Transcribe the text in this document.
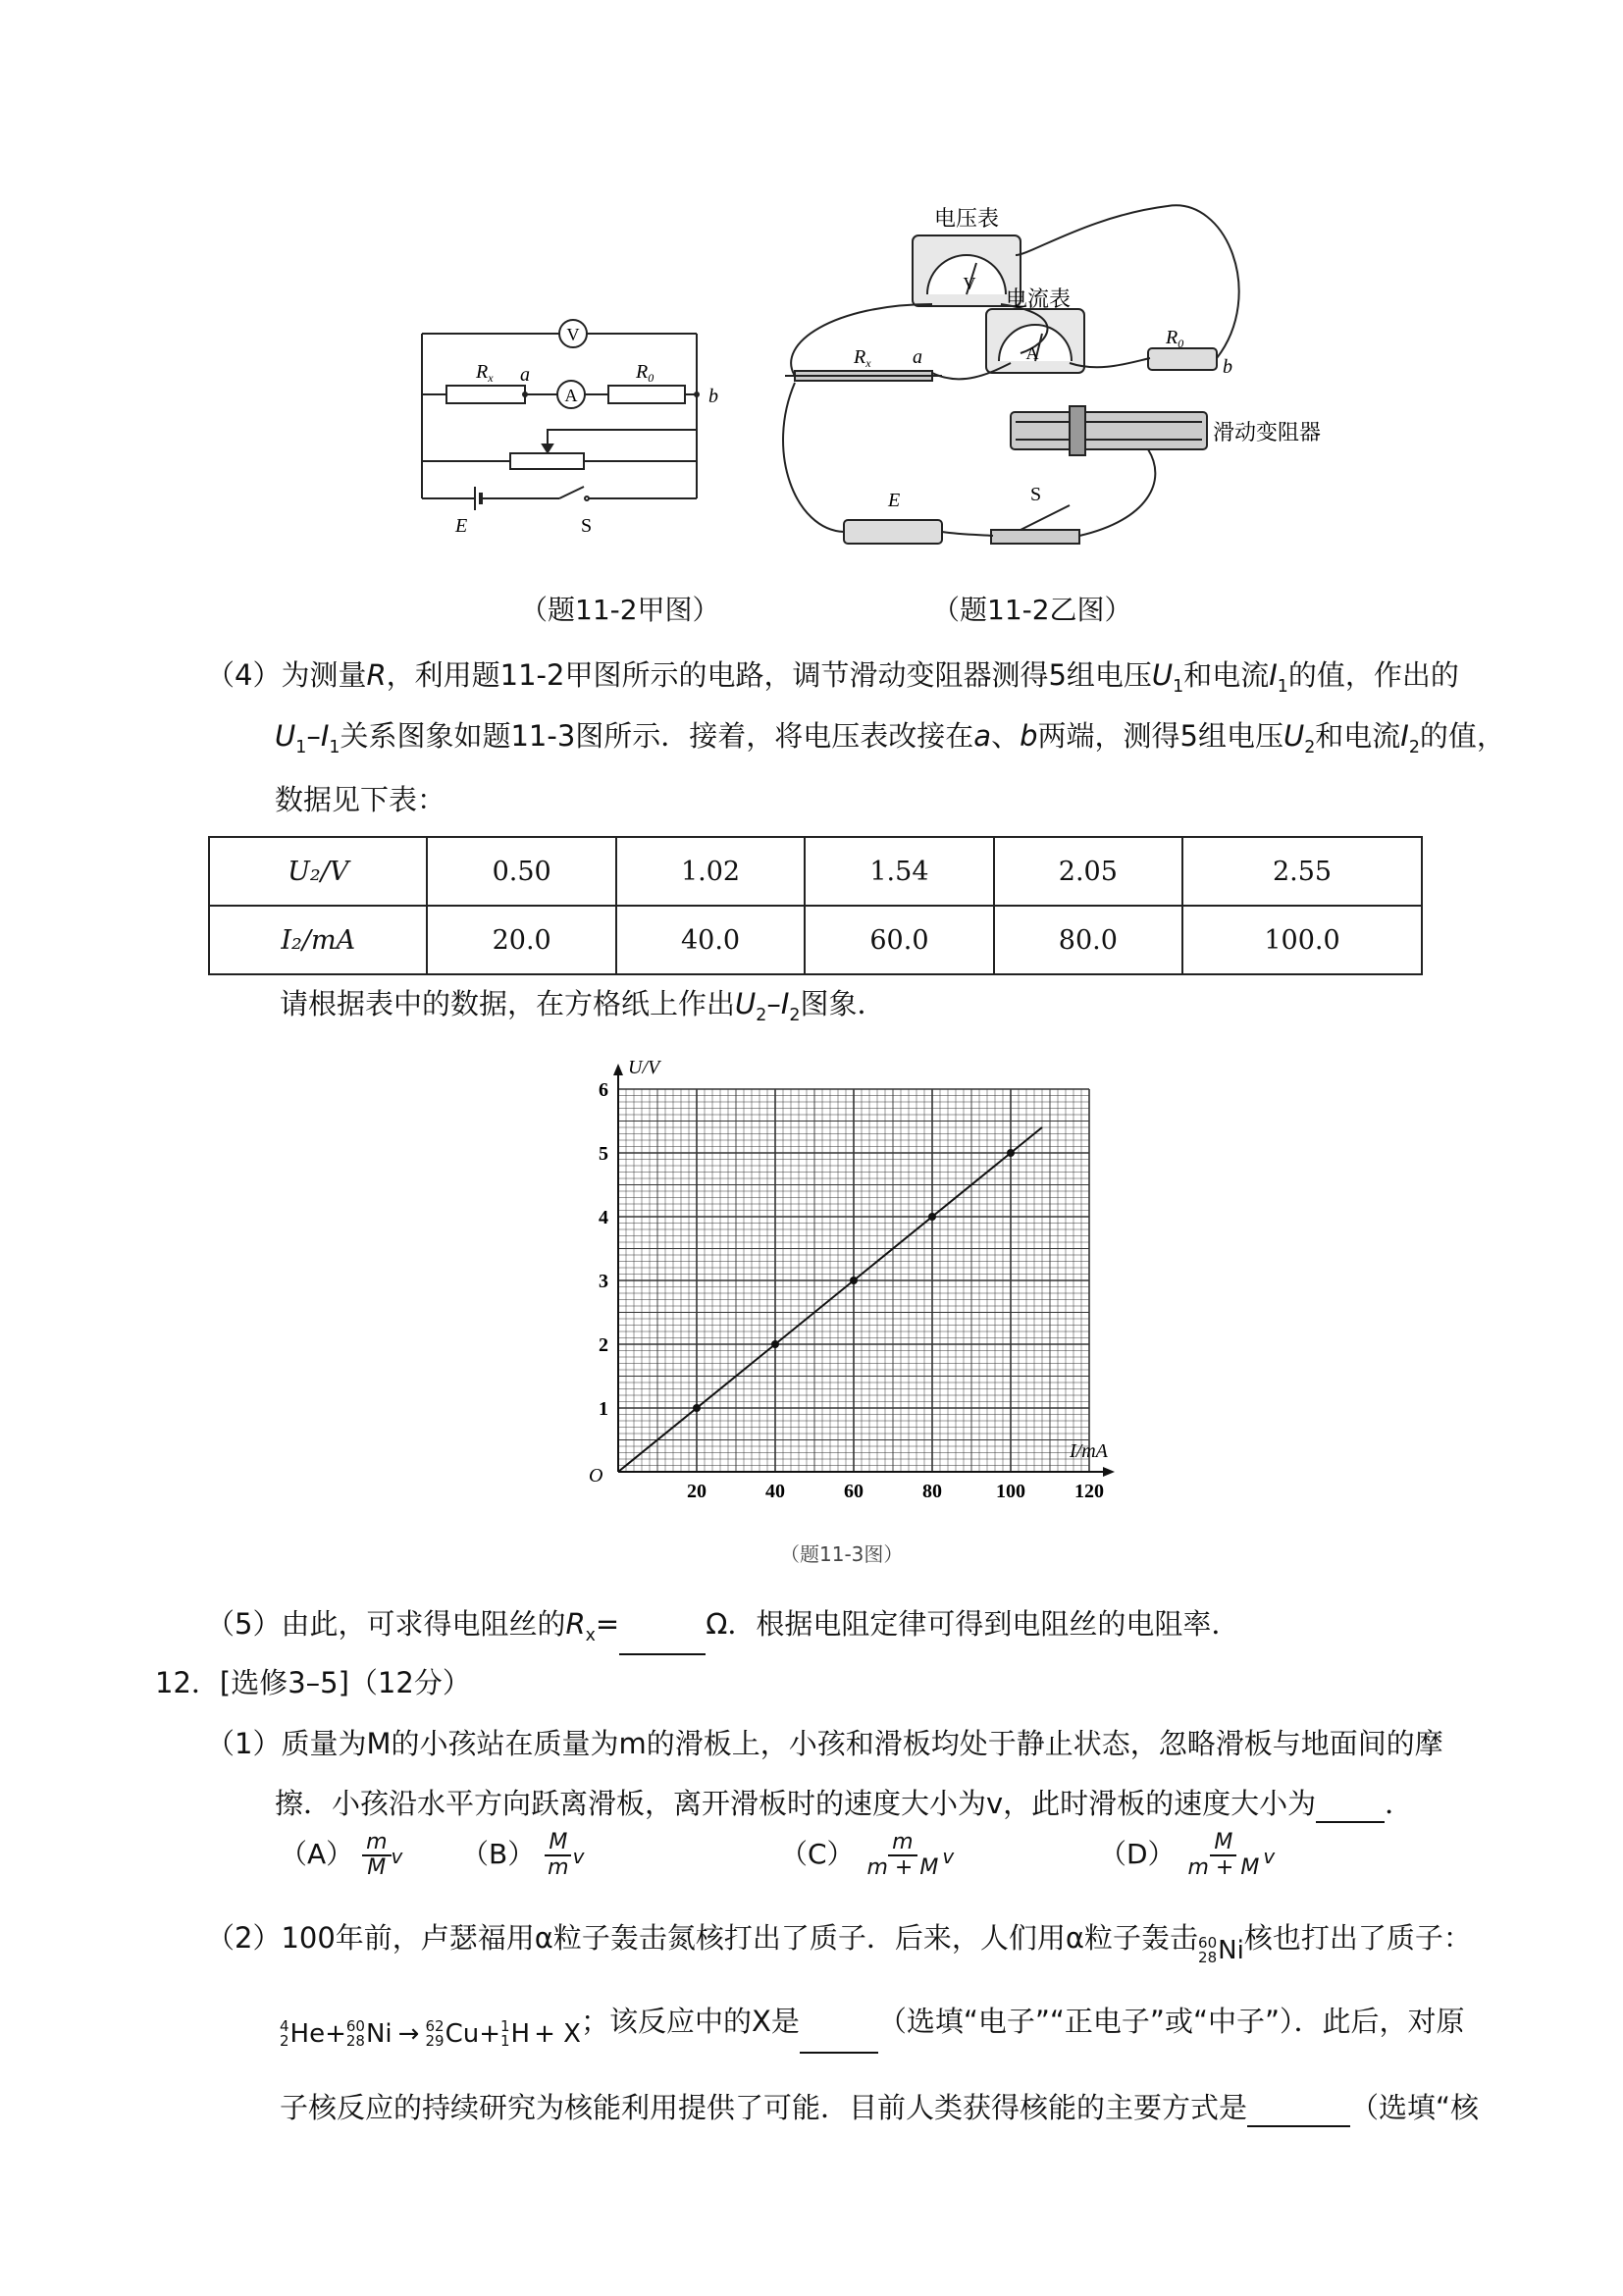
V
A
$R_x$	$R_0$
a
b
E	S
（题11-2甲图）
电压表
电流表
V
A
滑动变阻器
$R_x$ a
$R_0$
b
E	S
（题11-2乙图）
（4）为测量R，利用题11-2甲图所示的电路，调节滑动变阻器测得5组电压$U_1$和电流$I_1$的值，作出的
$U_1-I_1$关系图象如题11-3图所示．接着，将电压表改接在a、b两端，测得5组电压$U_2$和电流$I_2$的值，
数据见下表：
U₂/V	0.50	1.02	1.54	2.05	2.55
I₂/mA	20.0	40.0	60.0	80.0	100.0
请根据表中的数据，在方格纸上作出$U_2-I_2$图象．
20	40	60	80	100	120
1
2
3
4
5
6
U/V
I/mA
O
（题11-3图）
（5）由此，可求得电阻丝的$R_x=$	Ω．根据电阻定律可得到电阻丝的电阻率．
12．[选修3–5]（12分）
（1）质量为M的小孩站在质量为m的滑板上，小孩和滑板均处于静止状态，忽略滑板与地面间的摩
擦．小孩沿水平方向跃离滑板，离开滑板时的速度大小为v，此时滑板的速度大小为 ．
$(A) \frac{m}{M}$ v $(B) \frac{M}{m}$ v	$(C) \frac{m}{m + M}$ v	$(D) \frac{M}{m + M}$ v
（2）100年前，卢瑟福用α粒子轰击氮核打出了质子．后来，人们用α粒子轰击 60
28 Ni 核也打出了质子：
4
2 He + 60
28 Ni → 62
29 Cu + 1
1 H + X ；该反应中的X是	（选填“电子”“正电子”或“中子”）．此后，对原
子核反应的持续研究为核能利用提供了可能．目前人类获得核能的主要方式是	（选填“核
